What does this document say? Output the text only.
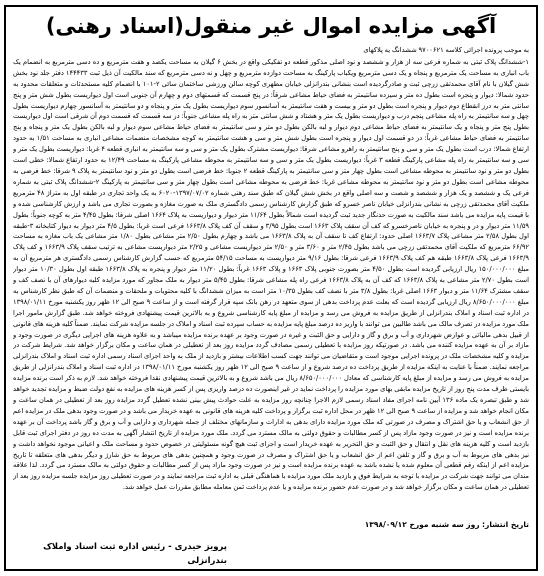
آگهی مزایده اموال غیر منقول(اسناد رهنی)
به موجب پرونده اجرائی کلاسه ۹۷۰۰۶۲۱ ششدانگ یه پلاکهای
۱-ششدانگ پلاک ثبتی به شماره فرعی سه از هزار و ششصد و نود اصلی مذکور قطعه دو تفکیکی واقع در بخش ۶ گیلان به مساحت یکصد و هفت مترمربع و ده دسی مترمربع به انضمام یک باب انباری به مساحت یک مترمربع و پنجاه و یک دسی مترمربع ویکباب پارکینگ به مساحت دوازده مترمربع و چهل و نه دسی مترمربع که سند مالکیت آن ذیل ثبت ۱۴۴۴۳۳ دفتر جلد نود بخش شش گیلان با نام آقای محمدتقی زرچی ثبت و صادرگردیده است بنشانی بندرانزلی خیابان مطهری کوچه سالن ورزشی ساختمان سائی ۲-۱۰۱ با انضمام کلیه مستحدثات و متعلقات محدود به حدود شمالا: دیوار و پنجره است بطول ده متر و سیزده سانتیمتر به فضای حیاط مشاعی شرقاً: در پنج قسمت که قسمتهای دوم و چهارم آن جنوبی است اول دیواریست بطول شش متر و پنج سانتی متر به درز انقطاع دوم دیوار و پنجره است بطول دو متر و بیست و هفت سانتیمتر به آسانسور سوم دیواریست بطول یک متر و پنجاه و دو سانتیمتر به آسانسور چهارم دیواریست بطول چهل و سه سانتیمتر به راه پله مشاعی پنجم درب و دیواریست بطول یک متر و هشتاد و شش سانتی متر به راه پله مشاعی جنوباً: در سه قسمت که قسمت دوم آن شرقی است اول دیواریست بطول پنج متر و پنجاه و یک سانتیمتر به فضای حیاط مشاعی دوم دیوار و لبه بالکن بطول دو متر و سی سانتیمتر به فضای حیاط مشاعی سوم دیوار و لبه بالکن بطول یک متر و پنجاه و پنج سانتیمتر به فضای حیاط مشاعی غرباً: در دو قسمت اول دیوار و پنجره است بطول شش متر و سی و هشت سانتیمتر به کوچه مشخصات منضمات مشاعی انباری به مساحت ۱/۵۱ به حدود ارتفاع شمالا: درب است بطول یک متر و سی و پنج سانتیمتر به راهرو مشاعی شرقا: دیواریست مشترک بطول یک متر و سی و سه سانتیمتر به انباری قطعه ۴ غربا: دیواریست بطول یک متر و سی و سه سانتیمتر به راه پله مشاعی پارکینگ قطعه ۳ غرباً: دیواریست بطول یک متر و سی و سه سانتیمتر به محوطه مشاعی پارکینگ به مساحت ۱۲/۴۹ به حدود ارتفاع شمالا: خطی است بطول دو متر و نود سانتیمتر به محوطه مشاعی است بطول چهار متر و سی سانتیمتر به پارکینگ قطعه ۲ جنوبا: خط فرضی است بطول دو متر و نود سانتیمتر به پلاک ۹ شرقا: خط فرضی به محوطه مشاعی است بطول دو متر و نود سانتیمتر به محوطه مشاعی غربا: خط فرضی به محوطه مشاعی است بطول چهار متر و سی سانتیمتر به پارکینگ ۲-ششدانگ پلاک ثبتی به شماره فرعی یک و ششصد و یک هزار و ششصد و شصت و سه اصلی واقع در بخش شش گیلان که طبق سند رهنی شماره ۱۳۹۷/۰۷/۰۲-۶۰۲۰ به یک واحد تجاری در طبقه اول به متراژ ۴۸ مترمربع ملکیت آقای محمدتقی زرچی به نشانی بندرانزلی خیابان ناصر خسرو که طبق گزارش کارشناس رسمی دادگستری ملک به صورت مغازه و بصورت تجاری می باشد و ارزش کارشناسی شده و با قیمت پایه مزایده می باشد سند مالکیت به صورت حدنگار جدید ثبت گردیده است شمالاً بطول ۱۱/۶۴ متر دیوار و دیواریست به پلاک ۱۶۶۴ اصلی شرقا: بطول ۴/۴۵ متر به کوچه جنوباً: بطول ۱۱/۵۹ متر دیوار و در و پنجره به خیابان ناصرخسرو که کف آن سقف پلاک ۱۶۶۳ است بطول ۳/۹۵ و سقف آن کف پلاک ۱۶۶۳/۸ فرعی است غربا: بطول ۴/۵ متر دیوار به دیوار کتابخانه ۳-طبقه اول بطول ۲/۵۸ متر مشاعی پلاک ۱۶۶۳/۷ اصلی حدود: ارتفاع کف تا سقف آن به پلاک ۱۶۶۳/۸ می باشد و چهارم بطول ۲/۵۰ متر مشاعی بطول ۱/۸۰ متر مشاعی یک باب مغازه به مساحت ۶۶/۹۲ مترمربع که ملکیت آقای محمدتقی زرچی می باشد بطول ۲/۴۵ متر و ۳/۶۰ متر و ۲/۵۰ متر دیواریست مشاعی و ۲/۲۵ متر دیواریست مشاعی به ترتیب سقف پلاک ۱۶۶۳/۹ و کف پلاک ۱۶۶۳/۹ فرعی پلاک ۱۶۶۳/۸ طبقه هم کف پلاک ۱۶۶۳/۹ فرعی شرقا: بطول ۹/۱۶ متر دیواریست به مساحت ۵۴/۱۵ مترمربع که حسب گزارش کارشناس رسمی دادگستری هر مترمربع آن به مبلغ ۱۵۰/۰۰۰/۰۰۰ ریال ارزیابی گردیده است بطول ۴/۵۰ متر بصورت جنوبی پلاک ۱۶۶۳ و پلاک ۱۶۶۳ غرباً: بطول ۱۱/۲۰ متر دیوار و پنجره به پلاک ۱۶۶۳/۸ طبقه اول بطول ۱۰/۳۰ متر دیوار است بطول ۲/۷۰ متر مشاعی به پلاک ۱۶۶۳/۸ که کف آن به پلاک ۱۶۶۳/۸ فرعی راه پله مشاعی شرقا: بطول ۵/۴۵ متر دیوار به ملک مجاور که مورد مزایده کلیه دیوارهای آن با نصف کف و سقف مشترک ۱۱/۶۴ متر و دیوار ۱۶۶۳ اصلی غربا: بطول ۳/۸ متر با نصف کف بطول ۱۰/۳۵ متر است به میزان ششدانگ با کلیه محتویات و ملحقات و منضمات آن که طبق نظر کارشناس به مبلغ ۸/۶۵۰/۰۰۰/۰۰۰ ریال ارزیابی گردیده است که بعلت عدم پرداخت بدهی از سوی متعهد در رهن بانک سپه قرار گرفته است و از ساعت ۹ صبح الی ۱۲ ظهر روز یکشنبه مورخ ۱۳۹۸/۰۱/۱۱ در اداره ثبت اسناد و املاک بندرانزلی از طریق مزایده به فروش می رسد و مزایده از مبلغ پایه کارشناسی شروع و به بالاترین قیمت پیشنهادی فروخته خواهد شد. طبق گزارش مامور اجرا ملک مورد مزایده در تصرف مالک می باشد طالبین می توانند با واریز ده درصد مبلغ پایه مزایده به حساب سپرده ثبت اسناد و املاک در جلسه مزایده شرکت نمایند. ضمناً کلیه هزینه های قانونی از قبیل بدهی مالیاتی و عوارض شهرداری و آب و برق و گاز و دارایی و حق الثبت و غیره در صورت وجود بر عهده برنده مزایده میباشد و به علاوه هزینه های اجرایی دیگری در صورت وجود و مازاد بر آن به عهده مزایده کننده می باشد. در صورتیکه روز مزایده با تعطیلی رسمی مصادف گردد مزایده روز بعد از تعطیلی در همان ساعت و مکان برگزار خواهد شد. شرایط شرکت در مزایده و کلیه مشخصات ملک در پرونده اجرایی موجود است و متقاضیان می توانند جهت کسب اطلاعات بیشتر و بازدید از ملک به واحد اجرای اسناد رسمی اداره ثبت اسناد و املاک بندرانزلی مراجعه نمایند. ضمناً با عنایت به اینکه مزایده از طریق پرداخت ده درصد شروع و از ساعت ۹ صبح الی ۱۲ ظهر روز یکشنبه مورخ ۱۳۹۸/۰۱/۱۱ در اداره ثبت اسناد و املاک بندرانزلی از طریق مزایده به فروش می رسد و مزایده از مبلغ پایه کارشناسی که معادل ۸/۶۵۰/۰۰۰/۰۰۰ ریال می باشد شروع و به بالاترین قیمت پیشنهادی نقدا فروخته خواهد شد. لازم به ذکر است برنده مزایده بایستی ظرف مدت پنج روز از تاریخ مزایده مابقی بهای مورد مزایده را پرداخت نماید در غیر اینصورت ده درصد واریزی پس از کسر هزینه های مزایده به نفع دولت ضبط و مزایده تجدید خواهد شد و طبق تبصره یک ماده ۱۳۶ آیین نامه اجرای مفاد اسناد رسمی لازم الاجرا چنانچه روز مزایده به علت حوادث پیش بینی نشده تعطیل گردد مزایده روز بعد از تعطیلی در همان ساعت و مکان انجام خواهد شد و مزایده از ساعت ۹ صبح الی ۱۲ ظهر در محل اداره ثبت برگزار و پرداخت کلیه هزینه های قانونی به عهده خریدار می باشد و در صورت وجود بدهی ملک در مزایده اعم از حق انشعاب و یا حق اشتراک و مصرف در صورتی که ملک مورد مزایده دارای بدهی به ادارات و سازمانهای مختلف از جمله شهرداری و دارایی و آب و برق و گاز باشد پرداخت آن بر عهده برنده مزایده است و نیز در صورت وجود مازاد پس از کسر مطالبات و حقوق دولتی به مالک مسترد می گردد. ملک مورد مزایده از تاریخ انتشار آگهی به مدت ده روز در دفتر اجرای ثبت قابل بازدید است و کلیه هزینه های نقل و انتقال و حق الثبت و حق التحریر به عهده خریدار است و اجرای ثبت هیچ گونه مسئولیتی در خصوص حدود و مساحت ملک و اعیانی موجود نخواهد داشت و نیز بدهی های مربوط به آب و برق و گاز و تلفن اعم از حق انشعاب و یا حق اشتراک و مصرف در صورت وجود و همچنین بدهی های مربوط به حق شارژ و دیگر بدهی های متعلقه تا تاریخ مزایده اعم از اینکه رقم قطعی آن معلوم شده یا نشده باشد به عهده برنده مزایده است و نیز در صورت وجود مازاد پس از کسر مطالبات و حقوق دولتی به مالک مسترد می گردد. لذا علاقه مندان می توانند جهت شرکت در مزایده با توجه به شرایط فوق و بازدید ملک مورد مزایده با هماهنگی قبلی به اداره ثبت مراجعه نمایند و در صورت تعطیلی روز مزایده جلسه مزایده روز بعد از تعطیلی در همان ساعت و مکان برگزار خواهد شد و در صورت عدم حضور برنده مزایده و یا عدم پرداخت ثمن معامله مطابق مقررات عمل خواهد شد.
تاریخ انتشار: روز سه شنبه مورخ ۱۳۹۸/۰۹/۱۲
پرویز حیدری - رئیس اداره ثبت اسناد واملاک بندرانزلی
